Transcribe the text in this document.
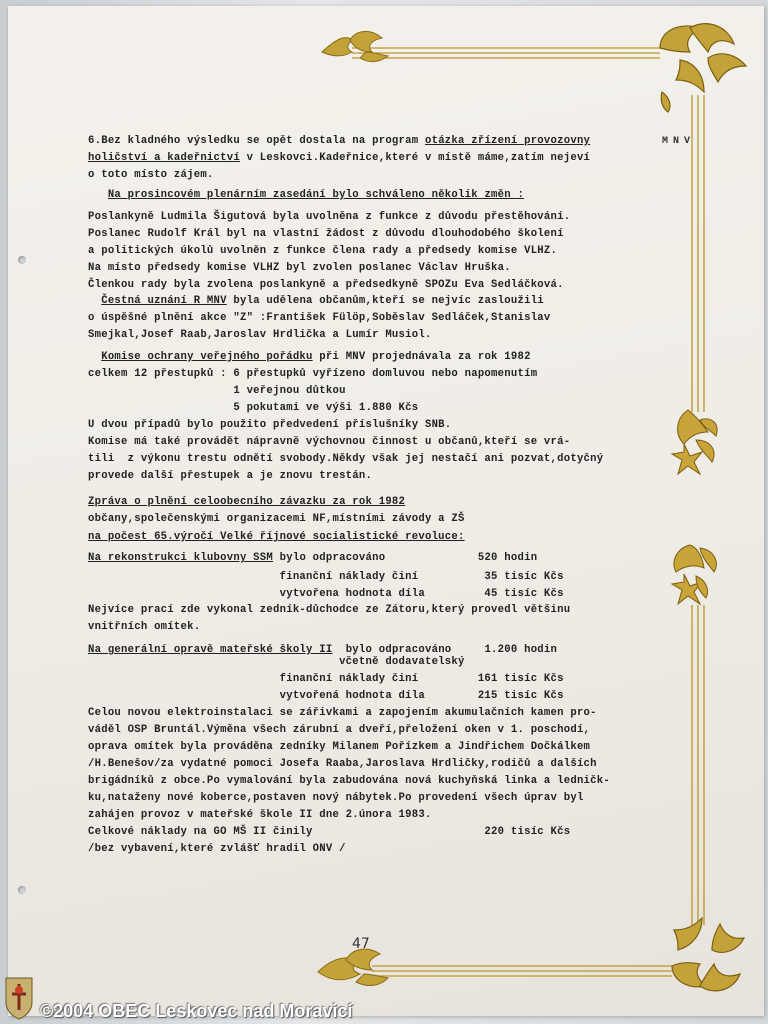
MNV
6.Bez kladného výsledku se opět dostala na program otázka zřízení provozovny
holičství a kadeřnictví v Leskovci.Kadeřnice,které v místě máme,zatím nejeví
o toto místo zájem.
Na prosincovém plenárním zasedání bylo schváleno několik změn :
Poslankyně Ludmila Šigutová byla uvolněna z funkce z důvodu přestěhování.
Poslanec Rudolf Král byl na vlastní žádost z důvodu dlouhodobého školení
a politických úkolů uvolněn z funkce člena rady a předsedy komise VLHZ.
Na místo předsedy komise VLHZ byl zvolen poslanec Václav Hruška.
Členkou rady byla zvolena poslankyně a předsedkyně SPOZu Eva Sedláčková.
Čestná uznání R MNV byla udělena občanům,kteří se nejvíc zasloužili
o úspěšné plnění akce "Z" :František Fülöp,Soběslav Sedláček,Stanislav
Smejkal,Josef Raab,Jaroslav Hrdlička a Lumír Musiol.
Komise ochrany veřejného pořádku při MNV projednávala za rok 1982
celkem 12 přestupků : 6 přestupků vyřízeno domluvou nebo napomenutím
1 veřejnou důtkou
5 pokutami ve výši 1.880 Kčs
U dvou případů bylo použito předvedení příslušníky SNB.
Komise má také provádět nápravně výchovnou činnost u občanů,kteří se vrá-
tili  z výkonu trestu odnětí svobody.Někdy však jej nestačí ani pozvat,dotyčný
provede další přestupek a je znovu trestán.
Zpráva o plnění celoobecního závazku za rok 1982
občany,společenskými organizacemi NF,místními závody a ZŠ
na počest 65.výročí Velké říjnové socialistické revoluce:
Na rekonstrukci klubovny SSM bylo odpracováno              520 hodin
finanční náklady činí          35 tisíc Kčs
vytvořena hodnota díla         45 tisíc Kčs
Nejvíce prací zde vykonal zedník-důchodce ze Zátoru,který provedl většinu
vnitřních omítek.
Na generální opravě mateřské školy II  bylo odpracováno     1.200 hodin
včetně dodavatelský
finanční náklady činí         161 tisíc Kčs
vytvořená hodnota díla        215 tisíc Kčs
Celou novou elektroinstalaci se zářivkami a zapojením akumulačních kamen pro-
váděl OSP Bruntál.Výměna všech zárubní a dveří,přeložení oken v 1. poschodí,
oprava omítek byla prováděna zedníky Milanem Pořízkem a Jindřichem Dočkálkem
/H.Benešov/za vydatné pomoci Josefa Raaba,Jaroslava Hrdličky,rodičů a dalších
brigádníků z obce.Po vymalování byla zabudována nová kuchyňská linka a ledničk-
ku,nataženy nové koberce,postaven nový nábytek.Po provedení všech úprav byl
zahájen provoz v mateřské škole II dne 2.února 1983.
Celkové náklady na GO MŠ II činily                          220 tisíc Kčs
/bez vybavení,které zvlášť hradil ONV /
47
©2004 OBEC Leskovec nad Moravicí
